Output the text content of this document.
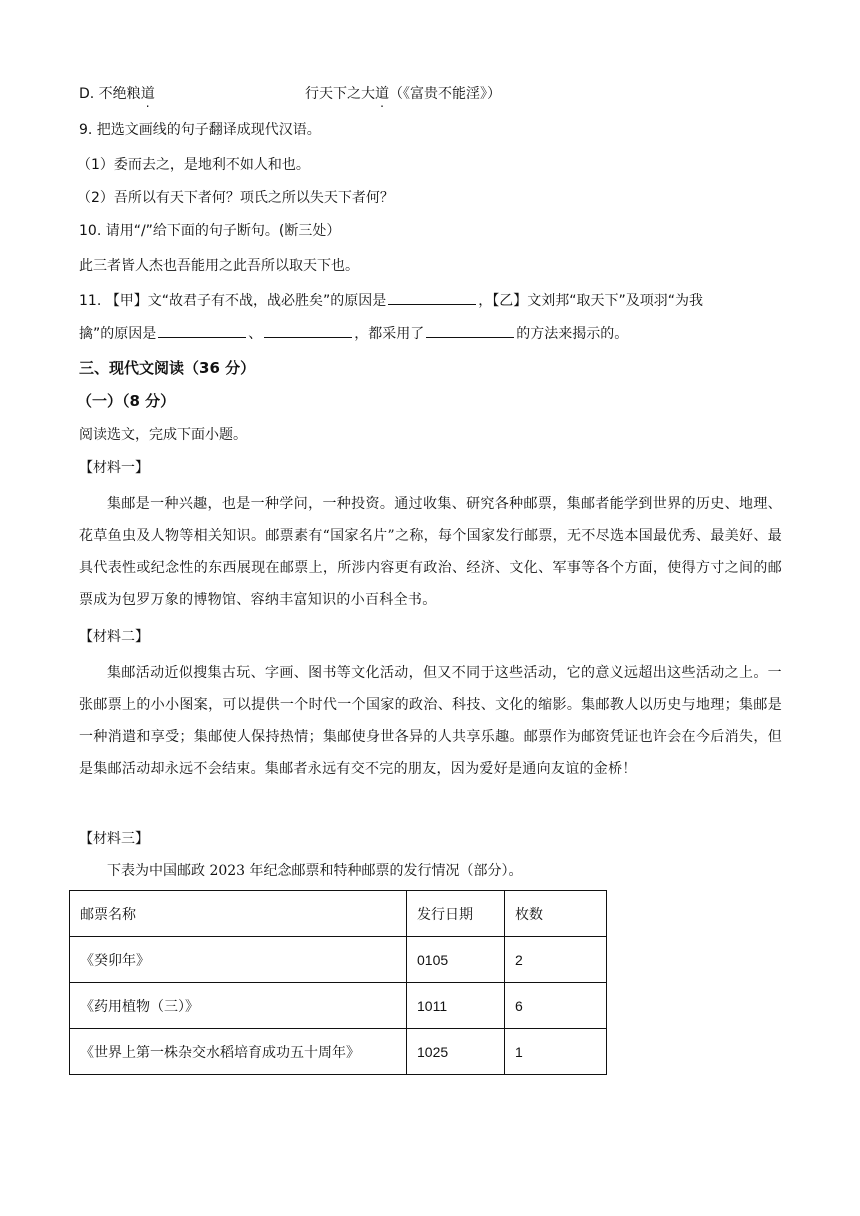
D. 不绝粮道	行天下之大道（《富贵不能淫》）
9. 把选文画线的句子翻译成现代汉语。
（1）委而去之，是地利不如人和也。
（2）吾所以有天下者何？项氏之所以失天下者何？
10. 请用“/”给下面的句子断句。(断三处）
此三者皆人杰也吾能用之此吾所以取天下也。
11. 【甲】文“故君子有不战，战必胜矣”的原因是	，【乙】文刘邦“取天下”及项羽“为我
擒”的原因是	、	，都采用了	的方法来揭示的。
三、现代文阅读（36 分）
（一）（8 分）
阅读选文，完成下面小题。
【材料一】
集邮是一种兴趣，也是一种学问，一种投资。通过收集、研究各种邮票，集邮者能学到世界的历史、地理、花草鱼虫及人物等相关知识。邮票素有“国家名片”之称，每个国家发行邮票，无不尽选本国最优秀、最美好、最具代表性或纪念性的东西展现在邮票上，所涉内容更有政治、经济、文化、军事等各个方面，使得方寸之间的邮票成为包罗万象的博物馆、容纳丰富知识的小百科全书。
【材料二】
集邮活动近似搜集古玩、字画、图书等文化活动，但又不同于这些活动，它的意义远超出这些活动之上。一张邮票上的小小图案，可以提供一个时代一个国家的政治、科技、文化的缩影。集邮教人以历史与地理；集邮是一种消遣和享受；集邮使人保持热情；集邮使身世各异的人共享乐趣。邮票作为邮资凭证也许会在今后消失，但是集邮活动却永远不会结束。集邮者永远有交不完的朋友，因为爱好是通向友谊的金桥！
【材料三】
下表为中国邮政 2023 年纪念邮票和特种邮票的发行情况（部分）。
邮票名称	发行日期	枚数
《癸卯年》	0105	2
《药用植物（三）》	1011	6
《世界上第一株杂交水稻培育成功五十周年》	1025	1
